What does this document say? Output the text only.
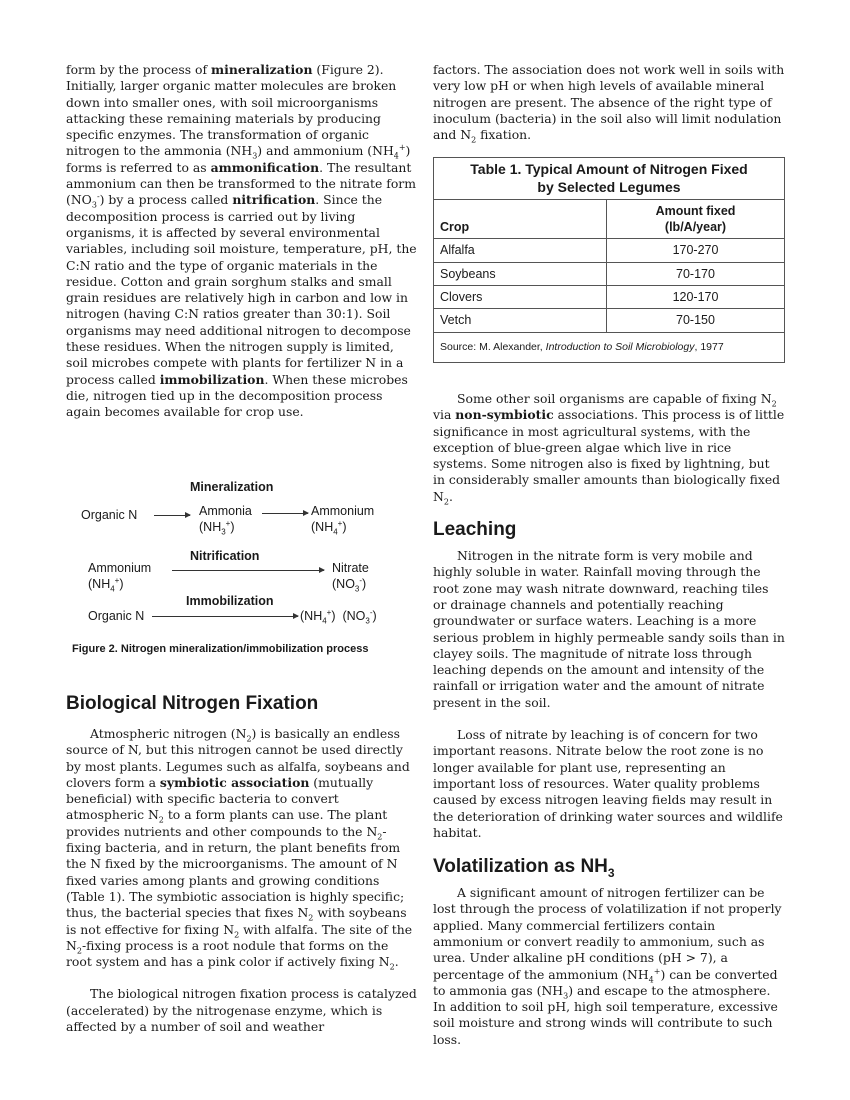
form by the process of mineralization (Figure 2). Initially, larger organic matter molecules are broken down into smaller ones, with soil microorganisms attacking these remaining materials by producing specific enzymes. The transformation of organic nitrogen to the ammonia $(NH_3)$ and ammonium $(NH_4^+)$ forms is referred to as ammonification. The resultant ammonium can then be transformed to the nitrate form $(NO_3^-)$ by a process called nitrification. Since the decomposition process is carried out by living organisms, it is affected by several environmental variables, including soil moisture, temperature, pH, the C:N ratio and the type of organic materials in the residue. Cotton and grain sorghum stalks and small grain residues are relatively high in carbon and low in nitrogen (having C:N ratios greater than 30:1). Soil organisms may need additional nitrogen to decompose these residues. When the nitrogen supply is limited, soil microbes compete with plants for fertilizer N in a process called immobilization. When these microbes die, nitrogen tied up in the decomposition process again becomes available for crop use.

Mineralization
Organic N	Ammonia
$(NH_3^+)$
Ammonium
$(NH_4^+)$
Nitrification
Ammonium
$(NH_4^+)$
Nitrate
$(NO_3^-)$
Immobilization
Organic N	$(NH_4^+)$  $(NO_3^-)$
Figure 2. Nitrogen mineralization/immobilization process
Biological Nitrogen Fixation

Atmospheric nitrogen $(N_2)$ is basically an endless source of N, but this nitrogen cannot be used directly by most plants. Legumes such as alfalfa, soybeans and clovers form a symbiotic association (mutually beneficial) with specific bacteria to convert atmospheric $N_2$ to a form plants can use. The plant provides nutrients and other compounds to the $N_2$-fixing bacteria, and in return, the plant benefits from the N fixed by the microorganisms. The amount of N fixed varies among plants and growing conditions (Table 1). The symbiotic association is highly specific; thus, the bacterial species that fixes $N_2$ with soybeans is not effective for fixing $N_2$ with alfalfa. The site of the $N_2$-fixing process is a root nodule that forms on the root system and has a pink color if actively fixing $N_2$.

The biological nitrogen fixation process is catalyzed (accelerated) by the nitrogenase enzyme, which is affected by a number of soil and weather

factors. The association does not work well in soils with very low pH or when high levels of available mineral nitrogen are present. The absence of the right type of inoculum (bacteria) in the soil also will limit nodulation and $N_2$ fixation.

Table 1. Typical Amount of Nitrogen Fixed
by Selected Legumes	
Crop	Amount fixed
(lb/A/year)
Alfalfa	170-270
Soybeans	70-170
Clovers	120-170
Vetch	70-150
Source: M. Alexander, Introduction to Soil Microbiology, 1977	

Some other soil organisms are capable of fixing $N_2$ via non-symbiotic associations. This process is of little significance in most agricultural systems, with the exception of blue-green algae which live in rice systems. Some nitrogen also is fixed by lightning, but in considerably smaller amounts than biologically fixed $N_2$.

Leaching

Nitrogen in the nitrate form is very mobile and highly soluble in water. Rainfall moving through the root zone may wash nitrate downward, reaching tiles or drainage channels and potentially reaching groundwater or surface waters. Leaching is a more serious problem in highly permeable sandy soils than in clayey soils. The magnitude of nitrate loss through leaching depends on the amount and intensity of the rainfall or irrigation water and the amount of nitrate present in the soil.

Loss of nitrate by leaching is of concern for two important reasons. Nitrate below the root zone is no longer available for plant use, representing an important loss of resources. Water quality problems caused by excess nitrogen leaving fields may result in the deterioration of drinking water sources and wildlife habitat.

Volatilization as $NH_3$

A significant amount of nitrogen fertilizer can be lost through the process of volatilization if not properly applied. Many commercial fertilizers contain ammonium or convert readily to ammonium, such as urea. Under alkaline pH conditions (pH > 7), a percentage of the ammonium $(NH_4^+)$ can be converted to ammonia gas $(NH_3)$ and escape to the atmosphere. In addition to soil pH, high soil temperature, excessive soil moisture and strong winds will contribute to such loss.
